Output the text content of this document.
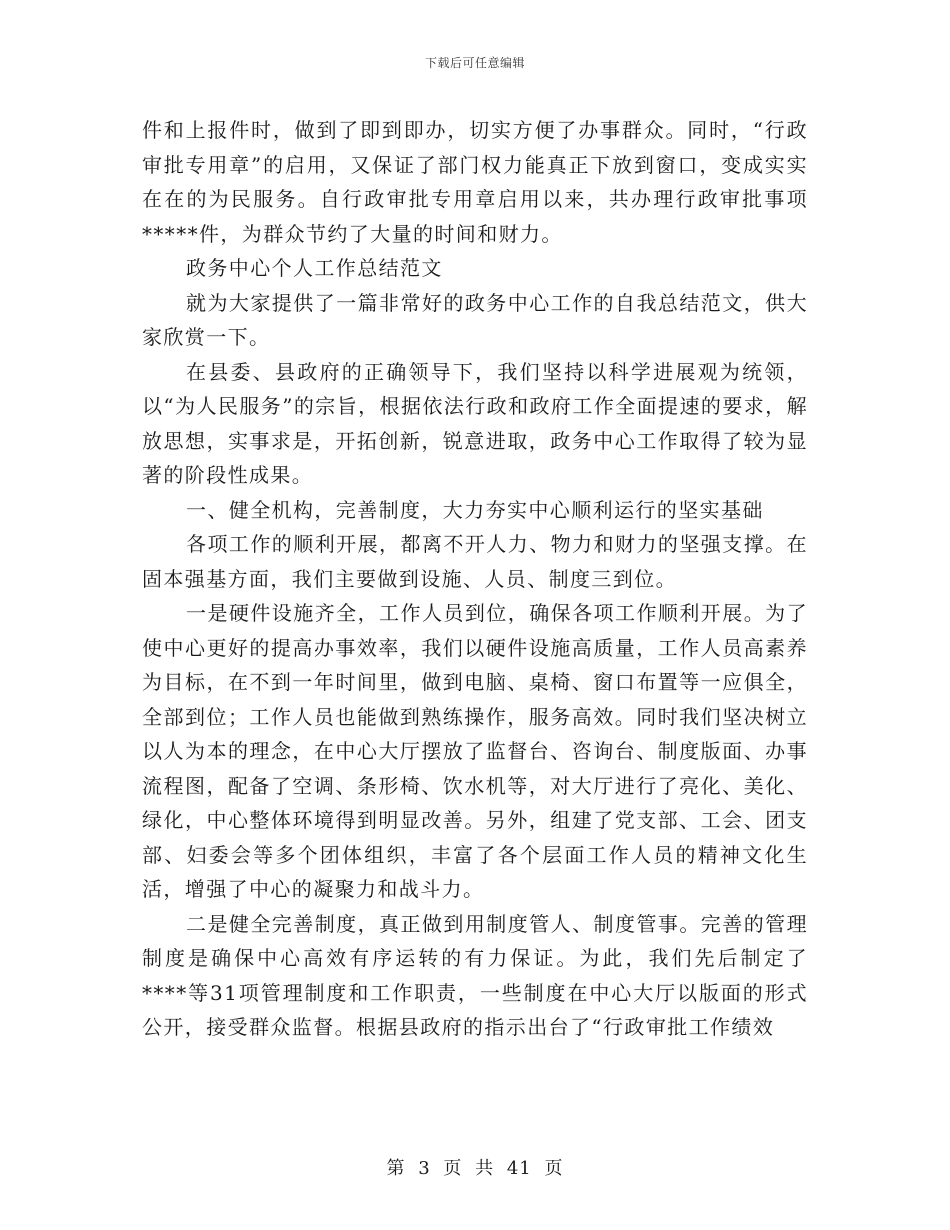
下载后可任意编辑

件和上报件时，做到了即到即办，切实方便了办事群众。同时，“行政审批专用章”的启用，又保证了部门权力能真正下放到窗口，变成实实在在的为民服务。自行政审批专用章启用以来，共办理行政审批事项*****件，为群众节约了大量的时间和财力。

政务中心个人工作总结范文

就为大家提供了一篇非常好的政务中心工作的自我总结范文，供大家欣赏一下。

在县委、县政府的正确领导下，我们坚持以科学进展观为统领，以“为人民服务”的宗旨，根据依法行政和政府工作全面提速的要求，解放思想，实事求是，开拓创新，锐意进取，政务中心工作取得了较为显著的阶段性成果。

一、健全机构，完善制度，大力夯实中心顺利运行的坚实基础

各项工作的顺利开展，都离不开人力、物力和财力的坚强支撑。在固本强基方面，我们主要做到设施、人员、制度三到位。

一是硬件设施齐全，工作人员到位，确保各项工作顺利开展。为了使中心更好的提高办事效率，我们以硬件设施高质量，工作人员高素养为目标，在不到一年时间里，做到电脑、桌椅、窗口布置等一应俱全，全部到位；工作人员也能做到熟练操作，服务高效。同时我们坚决树立以人为本的理念，在中心大厅摆放了监督台、咨询台、制度版面、办事流程图，配备了空调、条形椅、饮水机等，对大厅进行了亮化、美化、绿化，中心整体环境得到明显改善。另外，组建了党支部、工会、团支部、妇委会等多个团体组织，丰富了各个层面工作人员的精神文化生活，增强了中心的凝聚力和战斗力。

二是健全完善制度，真正做到用制度管人、制度管事。完善的管理制度是确保中心高效有序运转的有力保证。为此，我们先后制定了****等31项管理制度和工作职责，一些制度在中心大厅以版面的形式公开，接受群众监督。根据县政府的指示出台了“行政审批工作绩效

第 3 页 共 41 页
